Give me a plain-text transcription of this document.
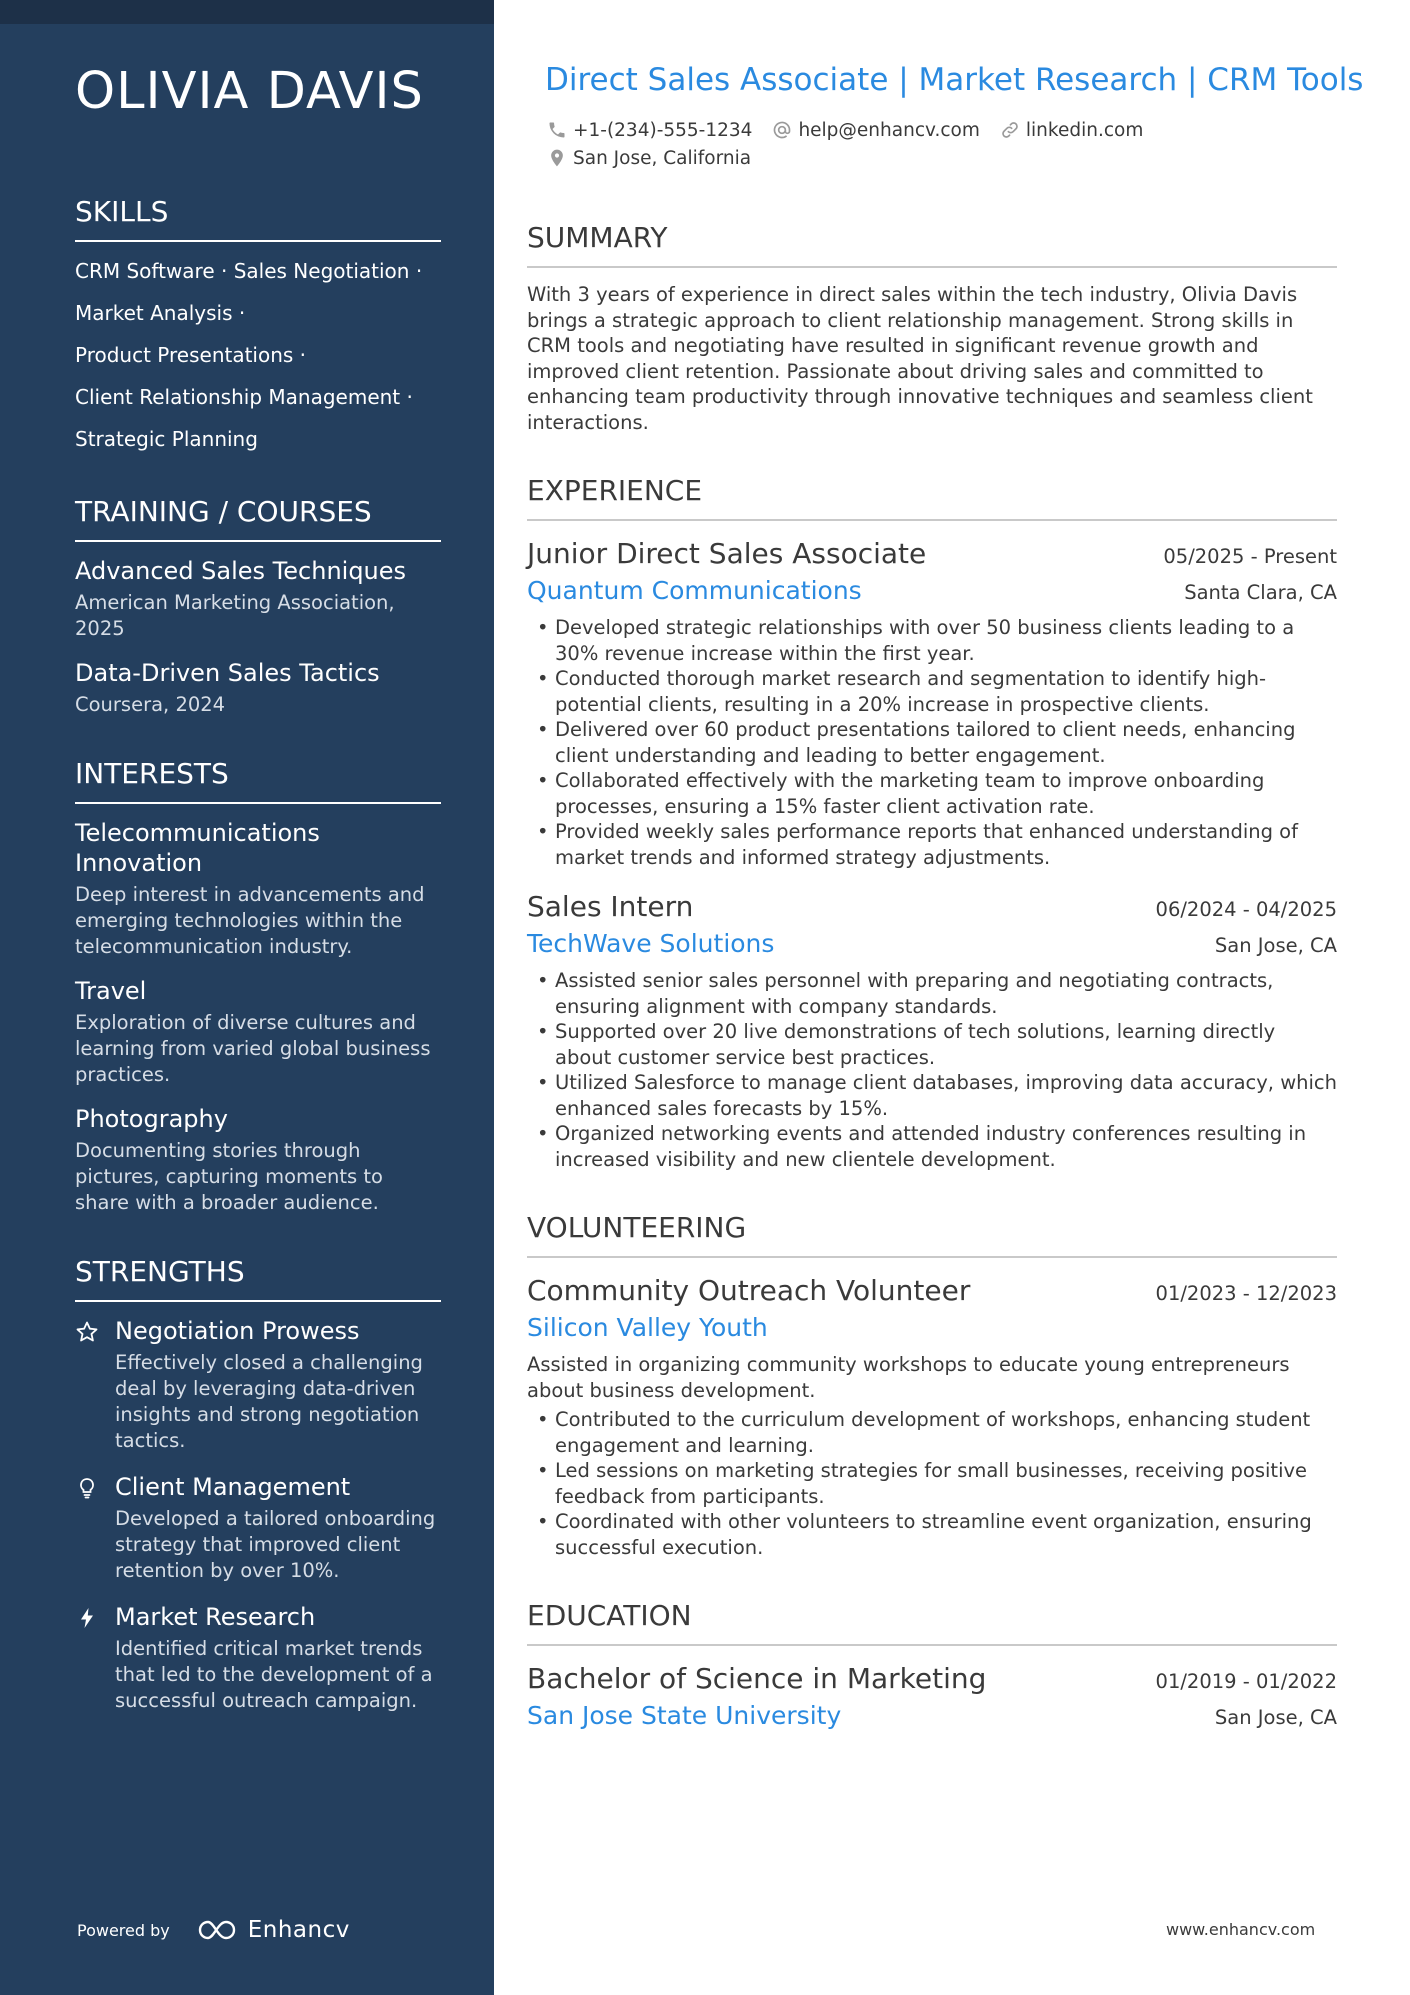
OLIVIA DAVIS
SKILLS
CRM Software · Sales Negotiation ·
Market Analysis ·
Product Presentations ·
Client Relationship Management ·
Strategic Planning
TRAINING / COURSES
Advanced Sales Techniques
American Marketing Association, 2025
Data-Driven Sales Tactics
Coursera, 2024
INTERESTS
Telecommunications Innovation
Deep interest in advancements and emerging technologies within the telecommunication industry.
Travel
Exploration of diverse cultures and learning from varied global business practices.
Photography
Documenting stories through pictures, capturing moments to share with a broader audience.
STRENGTHS
Negotiation Prowess
Effectively closed a challenging deal by leveraging data-driven insights and strong negotiation tactics.
Client Management
Developed a tailored onboarding strategy that improved client retention by over 10%.
Market Research
Identified critical market trends that led to the development of a successful outreach campaign.
Powered by	Enhancv
Direct Sales Associate | Market Research | CRM Tools
+1-(234)-555-1234 help@enhancv.com linkedin.com
San Jose, California
SUMMARY
With 3 years of experience in direct sales within the tech industry, Olivia Davis brings a strategic approach to client relationship management. Strong skills in CRM tools and negotiating have resulted in significant revenue growth and improved client retention. Passionate about driving sales and committed to enhancing team productivity through innovative techniques and seamless client interactions.
EXPERIENCE
Junior Direct Sales Associate	05/2025 - Present
Quantum Communications	Santa Clara, CA
• Developed strategic relationships with over 50 business clients leading to a 30% revenue increase within the first year.
• Conducted thorough market research and segmentation to identify high-potential clients, resulting in a 20% increase in prospective clients.
• Delivered over 60 product presentations tailored to client needs, enhancing client understanding and leading to better engagement.
• Collaborated effectively with the marketing team to improve onboarding processes, ensuring a 15% faster client activation rate.
• Provided weekly sales performance reports that enhanced understanding of market trends and informed strategy adjustments.
Sales Intern	06/2024 - 04/2025
TechWave Solutions	San Jose, CA
• Assisted senior sales personnel with preparing and negotiating contracts, ensuring alignment with company standards.
• Supported over 20 live demonstrations of tech solutions, learning directly about customer service best practices.
• Utilized Salesforce to manage client databases, improving data accuracy, which enhanced sales forecasts by 15%.
• Organized networking events and attended industry conferences resulting in increased visibility and new clientele development.
VOLUNTEERING
Community Outreach Volunteer	01/2023 - 12/2023
Silicon Valley Youth
Assisted in organizing community workshops to educate young entrepreneurs about business development.
• Contributed to the curriculum development of workshops, enhancing student engagement and learning.
• Led sessions on marketing strategies for small businesses, receiving positive feedback from participants.
• Coordinated with other volunteers to streamline event organization, ensuring successful execution.
EDUCATION
Bachelor of Science in Marketing	01/2019 - 01/2022
San Jose State University	San Jose, CA
www.enhancv.com
